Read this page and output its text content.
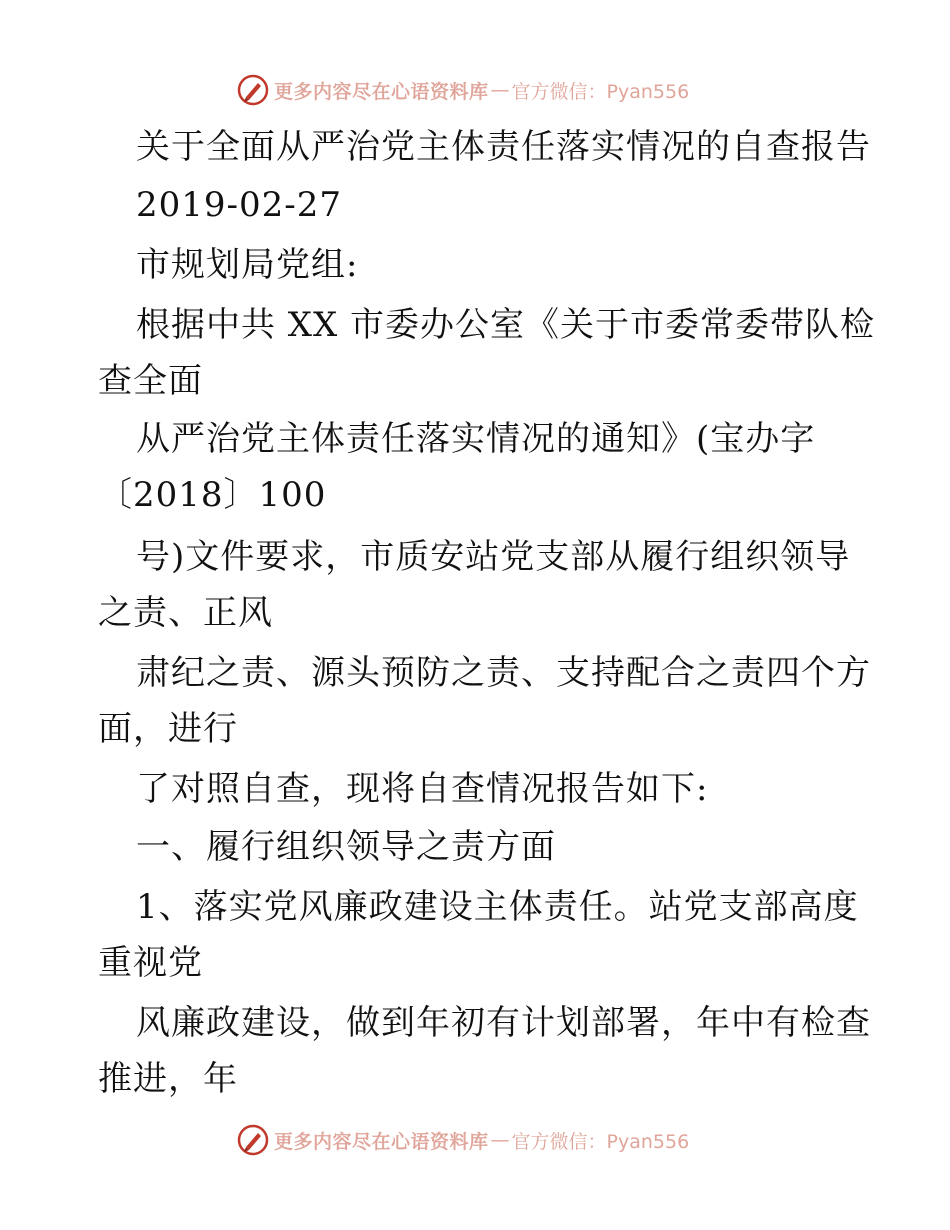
更多内容尽在心语资料库 — 官方微信：Pyan556
关于全面从严治党主体责任落实情况的自查报告
2019-02-27
市规划局党组:
根据中共 XX 市委办公室《关于市委常委带队检
查全面
从严治党主体责任落实情况的通知》(宝办字
〔2018〕100
号)文件要求，市质安站党支部从履行组织领导
之责、正风
肃纪之责、源头预防之责、支持配合之责四个方
面，进行
了对照自查，现将自查情况报告如下:
一、履行组织领导之责方面
1、落实党风廉政建设主体责任。站党支部高度
重视党
风廉政建设，做到年初有计划部署，年中有检查
推进，年
更多内容尽在心语资料库 — 官方微信：Pyan556
